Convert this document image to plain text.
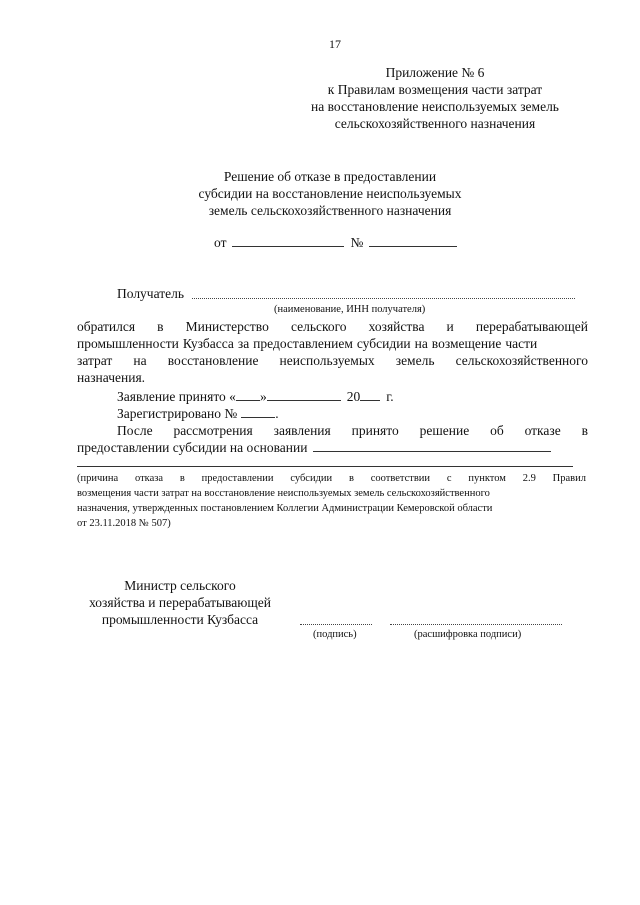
17
Приложение № 6
к Правилам возмещения части затрат
на восстановление неиспользуемых земель
сельскохозяйственного назначения
Решение об отказе в предоставлении
субсидии на восстановление неиспользуемых
земель сельскохозяйственного назначения
от	№
Получатель
(наименование, ИНН получателя)
обратился в Министерство сельского хозяйства и перерабатывающей
промышленности Кузбасса за предоставлением субсидии на возмещение части
затрат на восстановление неиспользуемых земель сельскохозяйственного
назначения.
Заявление принято « »	20 г.
Зарегистрировано №	.
После рассмотрения заявления принято решение об отказе в
предоставлении субсидии на основании
(причина отказа в предоставлении субсидии в соответствии с пунктом 2.9 Правил
возмещения части затрат на восстановление неиспользуемых земель сельскохозяйственного
назначения, утвержденных постановлением Коллегии Администрации Кемеровской области
от 23.11.2018 № 507)
Министр сельского
хозяйства и перерабатывающей
промышленности Кузбасса
(подпись)	(расшифровка подписи)
